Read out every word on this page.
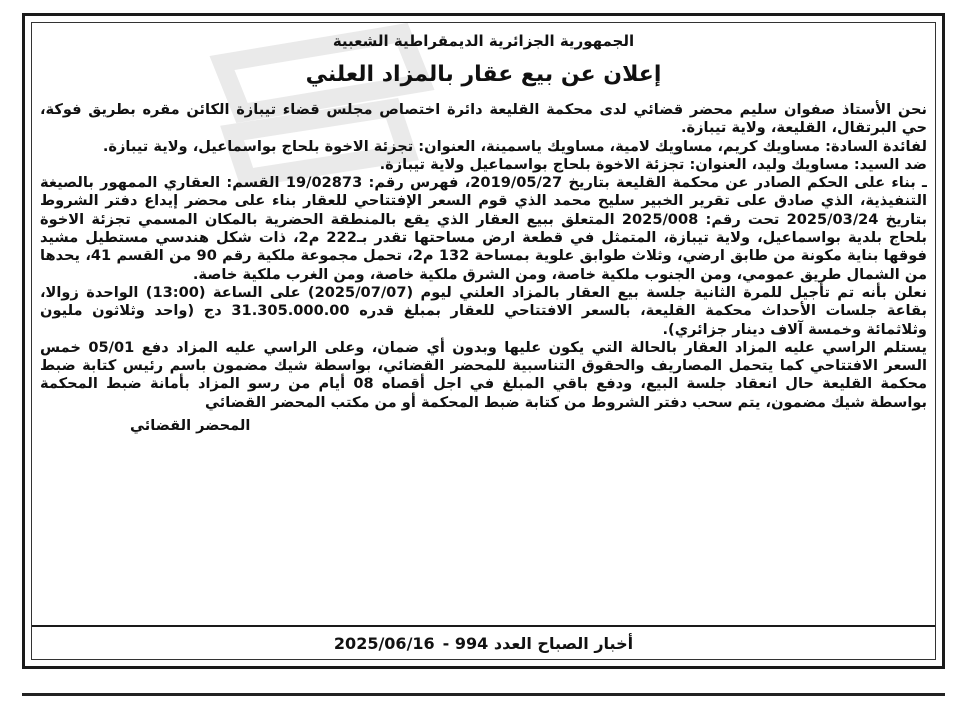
الجمهورية الجزائرية الديمقراطية الشعبية

إعلان عن بيع عقار بالمزاد العلني

نحن الأستاذ صفوان سليم محضر قضائي لدى محكمة القليعة دائرة اختصاص مجلس قضاء تيبازة الكائن مقره بطريق فوكة، حي البرتقال، القليعة، ولاية تيبازة.

لفائدة السادة: مساويك كريم، مساويك لامية، مساويك ياسمينة، العنوان: تجزئة الاخوة بلحاج بواسماعيل، ولاية تيبازة.

ضد السيد: مساويك وليد، العنوان: تجزئة الاخوة بلحاج بواسماعيل ولاية تيبازة.

ـ بناء على الحكم الصادر عن محكمة القليعة بتاريخ 2019/05/27، فهرس رقم: 19/02873 القسم: العقاري الممهور بالصيغة التنفيذية، الذي صادق على تقرير الخبير سليح محمد الذي قوم السعر الإفتتاحي للعقار بناء على محضر إيداع دفتر الشروط بتاريخ 2025/03/24 تحت رقم: 2025/008 المتعلق ببيع العقار الذي يقع بالمنطقة الحضرية بالمكان المسمي تجزئة الاخوة بلحاج بلدية بواسماعيل، ولاية تيبازة، المتمثل في قطعة ارض مساحتها تقدر بـ222 م2، ذات شكل هندسي مستطيل مشيد فوقها بناية مكونة من طابق ارضي، وثلاث طوابق علوية بمساحة 132 م2، تحمل مجموعة ملكية رقم 90 من القسم 41، يحدها من الشمال طريق عمومي، ومن الجنوب ملكية خاصة، ومن الشرق ملكية خاصة، ومن الغرب ملكية خاصة.

نعلن بأنه تم تأجيل للمرة الثانية جلسة بيع العقار بالمزاد العلني ليوم (2025/07/07) على الساعة (13:00) الواحدة زوالا، بقاعة جلسات الأحداث محكمة القليعة، بالسعر الافتتاحي للعقار بمبلغ قدره 31.305.000.00 دج (واحد وثلاثون مليون وثلاثمائة وخمسة آلاف دينار جزائري).

يستلم الراسي عليه المزاد العقار بالحالة التي يكون عليها وبدون أي ضمان، وعلى الراسي عليه المزاد دفع 05/01 خمس السعر الافتتاحي كما يتحمل المصاريف والحقوق التناسبية للمحضر القضائي، بواسطة شيك مضمون باسم رئيس كتابة ضبط محكمة القليعة حال انعقاد جلسة البيع، ودفع باقي المبلغ في اجل أقصاه 08 أيام من رسو المزاد بأمانة ضبط المحكمة بواسطة شيك مضمون، يتم سحب دفتر الشروط من كتابة ضبط المحكمة أو من مكتب المحضر القضائي

المحضر القضائي
أخبار الصباح العدد 994 -
2025/06/16
